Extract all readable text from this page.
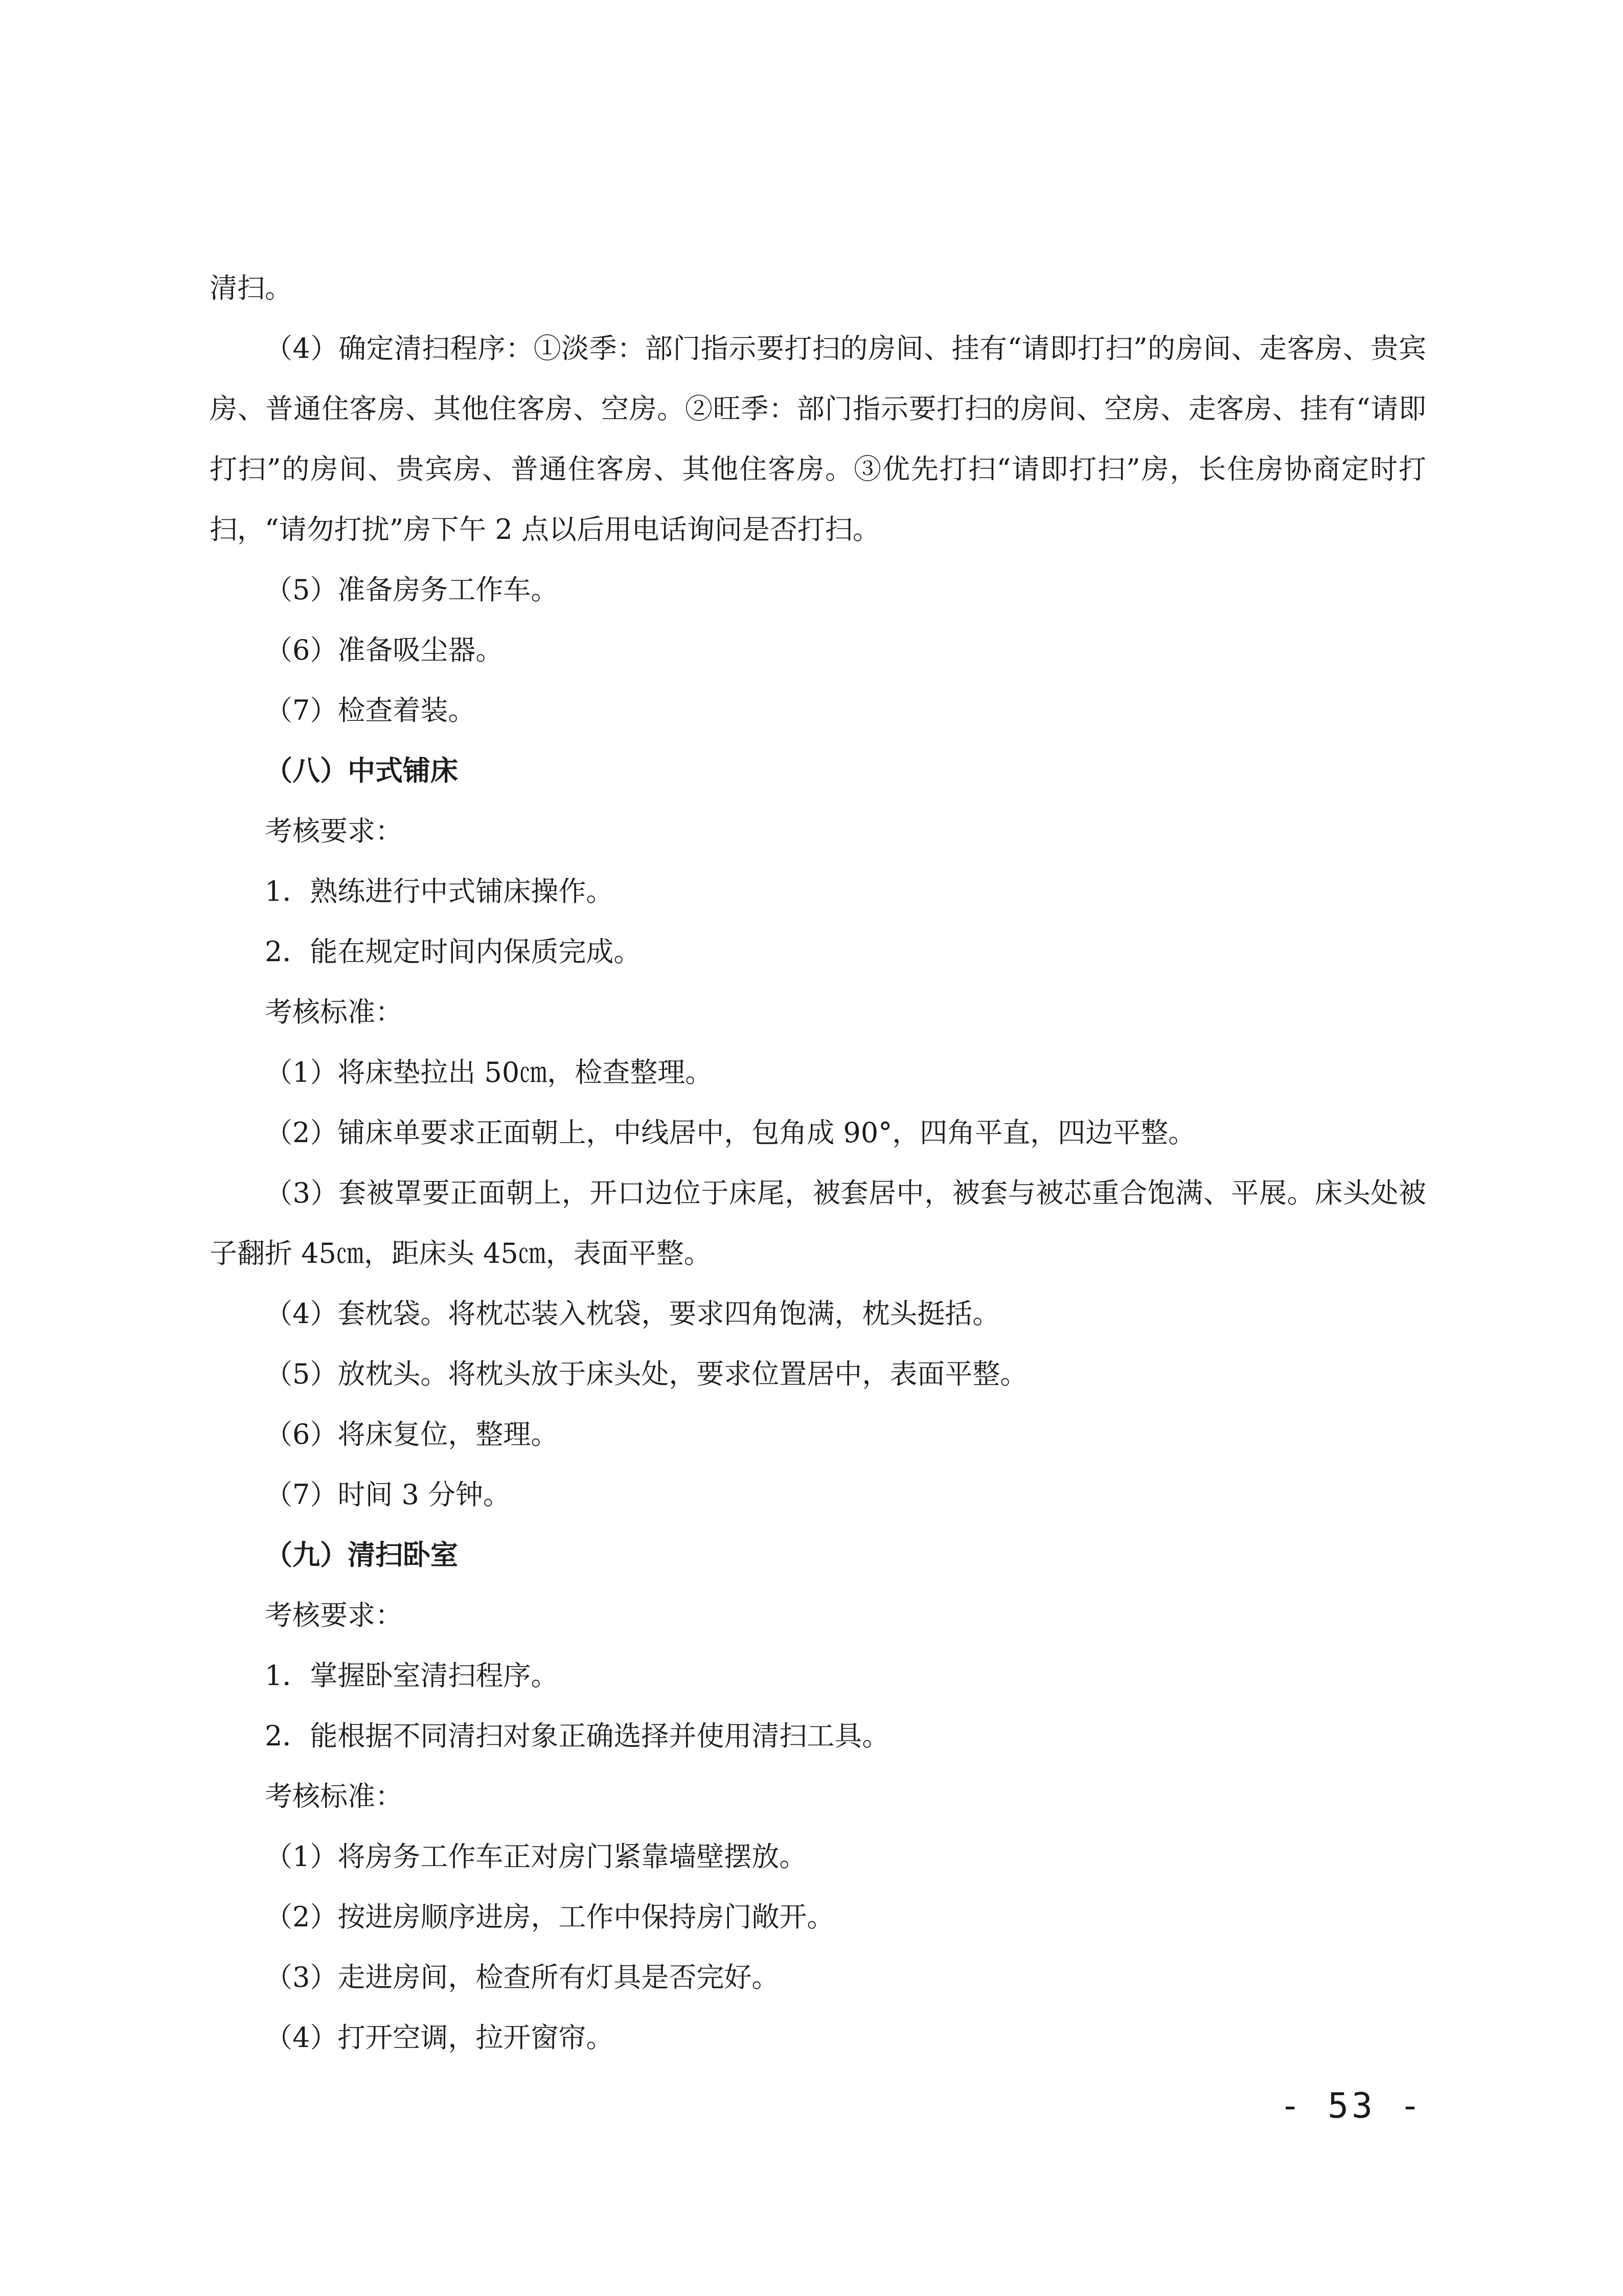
清扫。

（4）确定清扫程序：①淡季：部门指示要打扫的房间、挂有“请即打扫”的房间、走客房、贵宾房、普通住客房、其他住客房、空房。②旺季：部门指示要打扫的房间、空房、走客房、挂有“请即打扫”的房间、贵宾房、普通住客房、其他住客房。③优先打扫“请即打扫”房，长住房协商定时打扫，“请勿打扰”房下午 2 点以后用电话询问是否打扫。

（5）准备房务工作车。

（6）准备吸尘器。

（7）检查着装。

（八）中式铺床

考核要求：

1．熟练进行中式铺床操作。

2．能在规定时间内保质完成。

考核标准：

（1）将床垫拉出 50㎝，检查整理。

（2）铺床单要求正面朝上，中线居中，包角成 90°，四角平直，四边平整。

（3）套被罩要正面朝上，开口边位于床尾，被套居中，被套与被芯重合饱满、平展。床头处被子翻折 45㎝，距床头 45㎝，表面平整。

（4）套枕袋。将枕芯装入枕袋，要求四角饱满，枕头挺括。

（5）放枕头。将枕头放于床头处，要求位置居中，表面平整。

（6）将床复位，整理。

（7）时间 3 分钟。

（九）清扫卧室

考核要求：

1．掌握卧室清扫程序。

2．能根据不同清扫对象正确选择并使用清扫工具。

考核标准：

（1）将房务工作车正对房门紧靠墙壁摆放。

（2）按进房顺序进房，工作中保持房门敞开。

（3）走进房间，检查所有灯具是否完好。

（4）打开空调，拉开窗帘。

- 53 -
